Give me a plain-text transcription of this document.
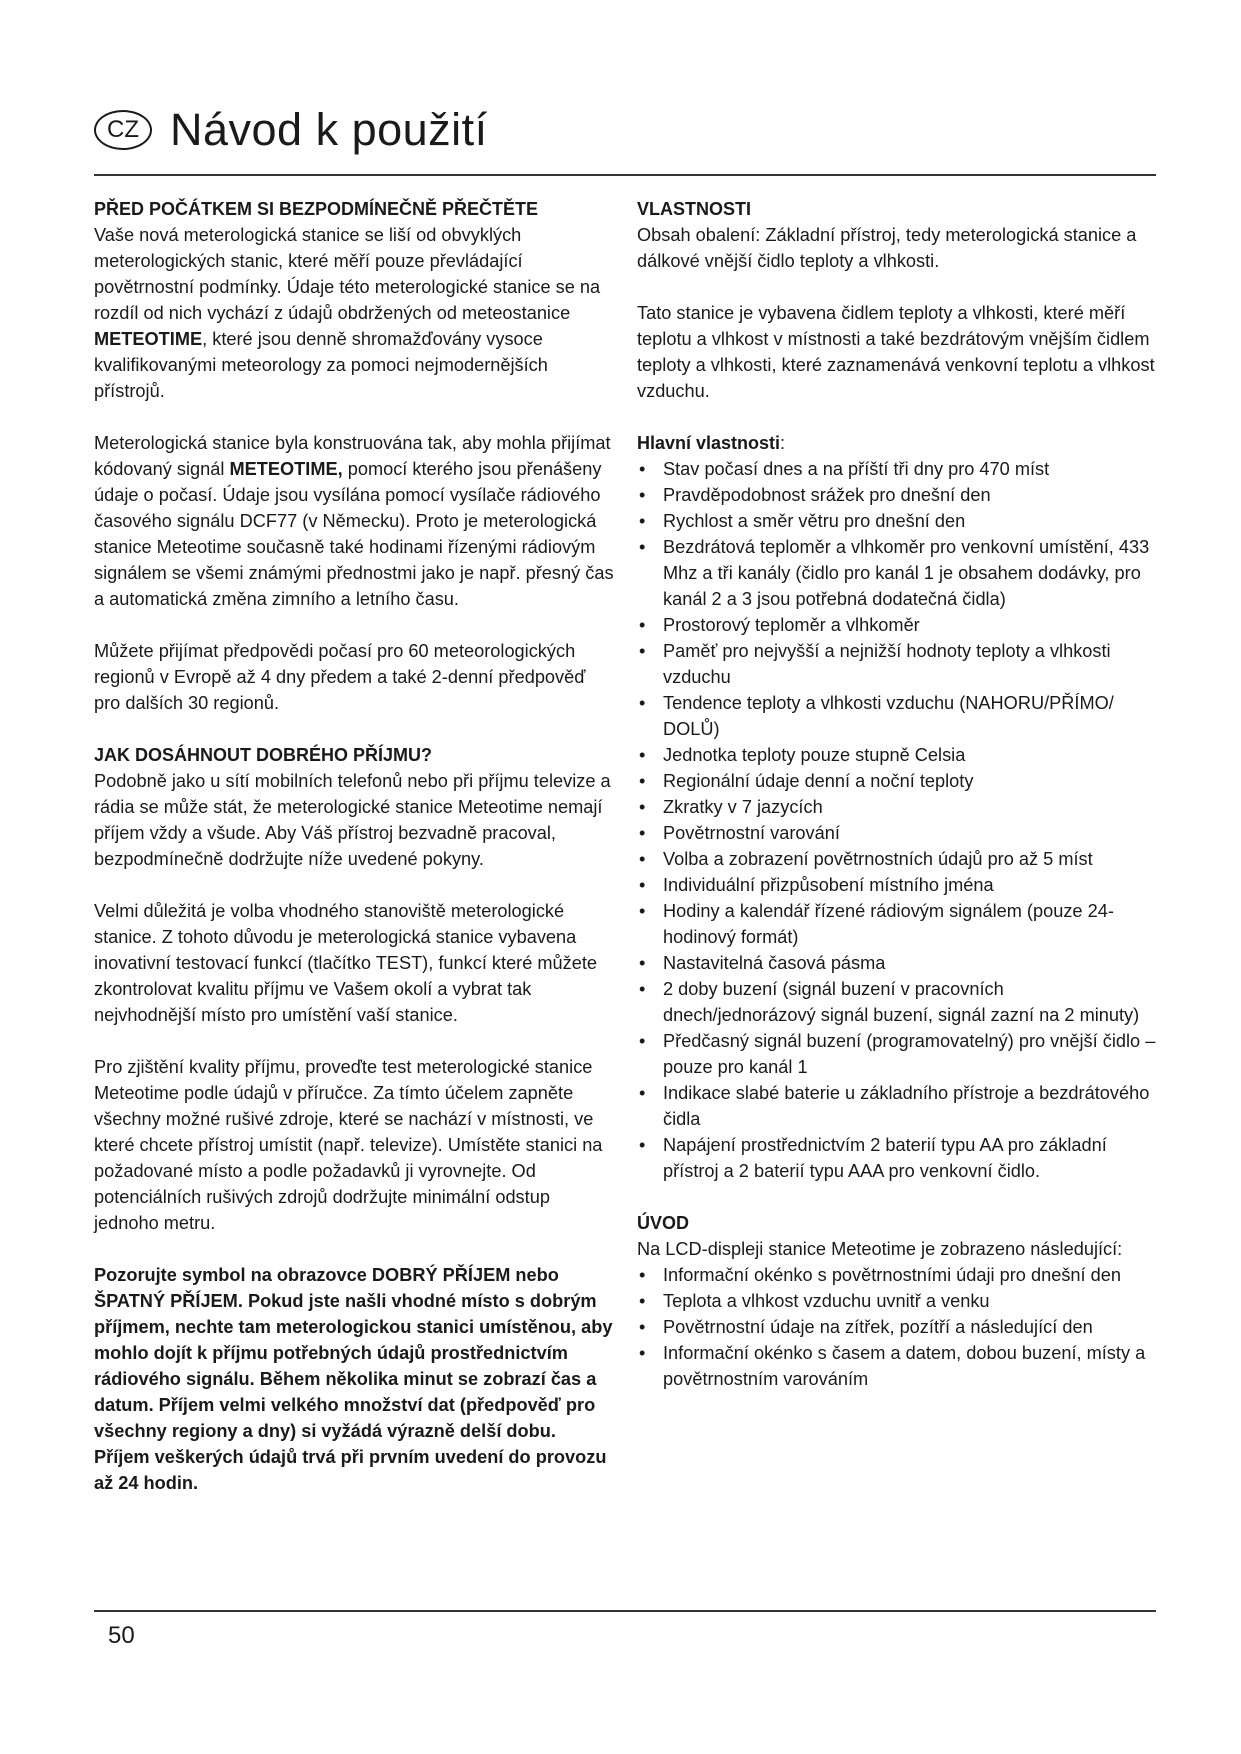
CZ Návod k použití
PŘED POČÁTKEM SI BEZPODMÍNEČNĚ PŘEČTĚTE

Vaše nová meterologická stanice se liší od obvyklých meterologických stanic, které měří pouze převládající povětrnostní podmínky. Údaje této meterologické stanice se na rozdíl od nich vychází z údajů obdržených od meteostanice METEOTIME, které jsou denně shromažďovány vysoce kvalifikovanými meteorology za pomoci nejmodernějších přístrojů.

Meterologická stanice byla konstruována tak, aby mohla přijímat kódovaný signál METEOTIME, pomocí kterého jsou přenášeny údaje o počasí. Údaje jsou vysílána pomocí vysílače rádiového časového signálu DCF77 (v Německu). Proto je meterologická stanice Meteotime současně také hodinami řízenými rádiovým signálem se všemi známými přednostmi jako je např. přesný čas a automatická změna zimního a letního času.

Můžete přijímat předpovědi počasí pro 60 meteorologických regionů v Evropě až 4 dny předem a také 2-denní předpověď pro dalších 30 regionů.

JAK DOSÁHNOUT DOBRÉHO PŘÍJMU?

Podobně jako u sítí mobilních telefonů nebo při příjmu televize a rádia se může stát, že meterologické stanice Meteotime nemají příjem vždy a všude. Aby Váš přístroj bezvadně pracoval, bezpodmínečně dodržujte níže uvedené pokyny.

Velmi důležitá je volba vhodného stanoviště meterologické stanice. Z tohoto důvodu je meterologická stanice vybavena inovativní testovací funkcí (tlačítko TEST), funkcí které můžete zkontrolovat kvalitu příjmu ve Vašem okolí a vybrat tak nejvhodnější místo pro umístění vaší stanice.

Pro zjištění kvality příjmu, proveďte test meterologické stanice Meteotime podle údajů v příručce. Za tímto účelem zapněte všechny možné rušivé zdroje, které se nachází v místnosti, ve které chcete přístroj umístit (např. televize). Umístěte stanici na požadované místo a podle požadavků ji vyrovnejte. Od potenciálních rušivých zdrojů dodržujte minimální odstup jednoho metru.

Pozorujte symbol na obrazovce DOBRÝ PŘÍJEM nebo ŠPATNÝ PŘÍJEM. Pokud jste našli vhodné místo s dobrým příjmem, nechte tam meterologickou stanici umístěnou, aby mohlo dojít k příjmu potřebných údajů prostřednictvím rádiového signálu. Během několika minut se zobrazí čas a datum. Příjem velmi velkého množství dat (předpověď pro všechny regiony a dny) si vyžádá výrazně delší dobu. Příjem veškerých údajů trvá při prvním uvedení do provozu až 24 hodin.

VLASTNOSTI

Obsah obalení: Základní přístroj, tedy meterologická stanice a dálkové vnější čidlo teploty a vlhkosti.

Tato stanice je vybavena čidlem teploty a vlhkosti, které měří teplotu a vlhkost v místnosti a také bezdrátovým vnějším čidlem teploty a vlhkosti, které zaznamenává venkovní teplotu a vlhkost vzduchu.

Hlavní vlastnosti:
• Stav počasí dnes a na příští tři dny pro 470 míst
• Pravděpodobnost srážek pro dnešní den
• Rychlost a směr větru pro dnešní den
• Bezdrátová teploměr a vlhkoměr pro venkovní umístění, 433 Mhz a tři kanály (čidlo pro kanál 1 je obsahem dodávky, pro kanál 2 a 3 jsou potřebná dodatečná čidla)
• Prostorový teploměr a vlhkoměr
• Paměť pro nejvyšší a nejnižší hodnoty teploty a vlhkosti vzduchu
• Tendence teploty a vlhkosti vzduchu (NAHORU/PŘÍMO/ DOLŮ)
• Jednotka teploty pouze stupně Celsia
• Regionální údaje denní a noční teploty
• Zkratky v 7 jazycích
• Povětrnostní varování
• Volba a zobrazení povětrnostních údajů pro až 5 míst
• Individuální přizpůsobení místního jména
• Hodiny a kalendář řízené rádiovým signálem (pouze 24-hodinový formát)
• Nastavitelná časová pásma
• 2 doby buzení (signál buzení v pracovních dnech/jednorázový signál buzení, signál zazní na 2 minuty)
• Předčasný signál buzení (programovatelný) pro vnější čidlo – pouze pro kanál 1
• Indikace slabé baterie u základního přístroje a bezdrátového čidla
• Napájení prostřednictvím 2 baterií typu AA pro základní přístroj a 2 baterií typu AAA pro venkovní čidlo.
ÚVOD

Na LCD-displeji stanice Meteotime je zobrazeno následující:

• Informační okénko s povětrnostními údaji pro dnešní den
• Teplota a vlhkost vzduchu uvnitř a venku
• Povětrnostní údaje na zítřek, pozítří a následující den
• Informační okénko s časem a datem, dobou buzení, místy a povětrnostním varováním
50
